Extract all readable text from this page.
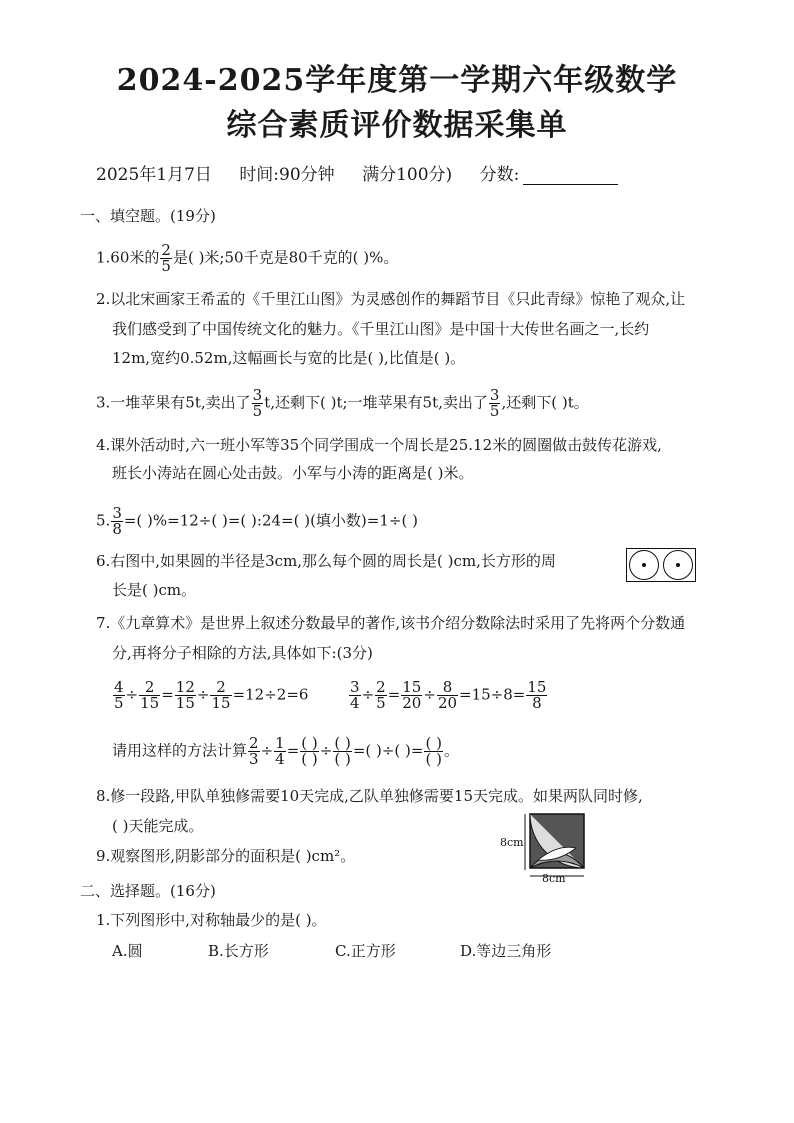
2024-2025学年度第一学期六年级数学
综合素质评价数据采集单
2025年1月7日 时间:90分钟 满分100分) 分数:
一、填空题。(19分)
1.60米的 $\frac{2}{5}$ 是( )米;50千克是80千克的( )%。
2.以北宋画家王希孟的《千里江山图》为灵感创作的舞蹈节目《只此青绿》惊艳了观众,让
我们感受到了中国传统文化的魅力。《千里江山图》是中国十大传世名画之一,长约
12m,宽约0.52m,这幅画长与宽的比是( ),比值是( )。
3.一堆苹果有5t,卖出了 $\frac{3}{5} t$,还剩下( )t;一堆苹果有5t,卖出了 $\frac{3}{5}$ ,还剩下( )t。
4.课外活动时,六一班小军等35个同学围成一个周长是25.12米的圆圈做击鼓传花游戏,
班长小涛站在圆心处击鼓。小军与小涛的距离是( )米。
5. $\frac{3}{8}$ =( )%=12÷( )=( ):24=( )(填小数)=1÷( )
6.右图中,如果圆的半径是3cm,那么每个圆的周长是( )cm,长方形的周
长是( )cm。
7.《九章算术》是世界上叙述分数最早的著作,该书介绍分数除法时采用了先将两个分数通
分,再将分子相除的方法,具体如下:(3分)
$\frac{4}{5} \div \frac{2}{15} = \frac{12}{15} \div \frac{2}{15} =12\div 2=6$	$\frac{3}{4} \div \frac{2}{5} = \frac{15}{20} \div \frac{8}{20} =15\div 8= \frac{15}{8}$
请用这样的方法计算 $\frac{2}{3} \div \frac{1}{4} = \frac{( )}{( )} \div \frac{( )}{( )}$ =( )÷( )= $\frac{( )}{( )}$ 。
8.修一段路,甲队单独修需要10天完成,乙队单独修需要15天完成。如果两队同时修,
( )天能完成。
9.观察图形,阴影部分的面积是( )cm²。
8cm
8cm
二、选择题。(16分)
1.下列图形中,对称轴最少的是( )。
A.圆	B.长方形	C.正方形	D.等边三角形
